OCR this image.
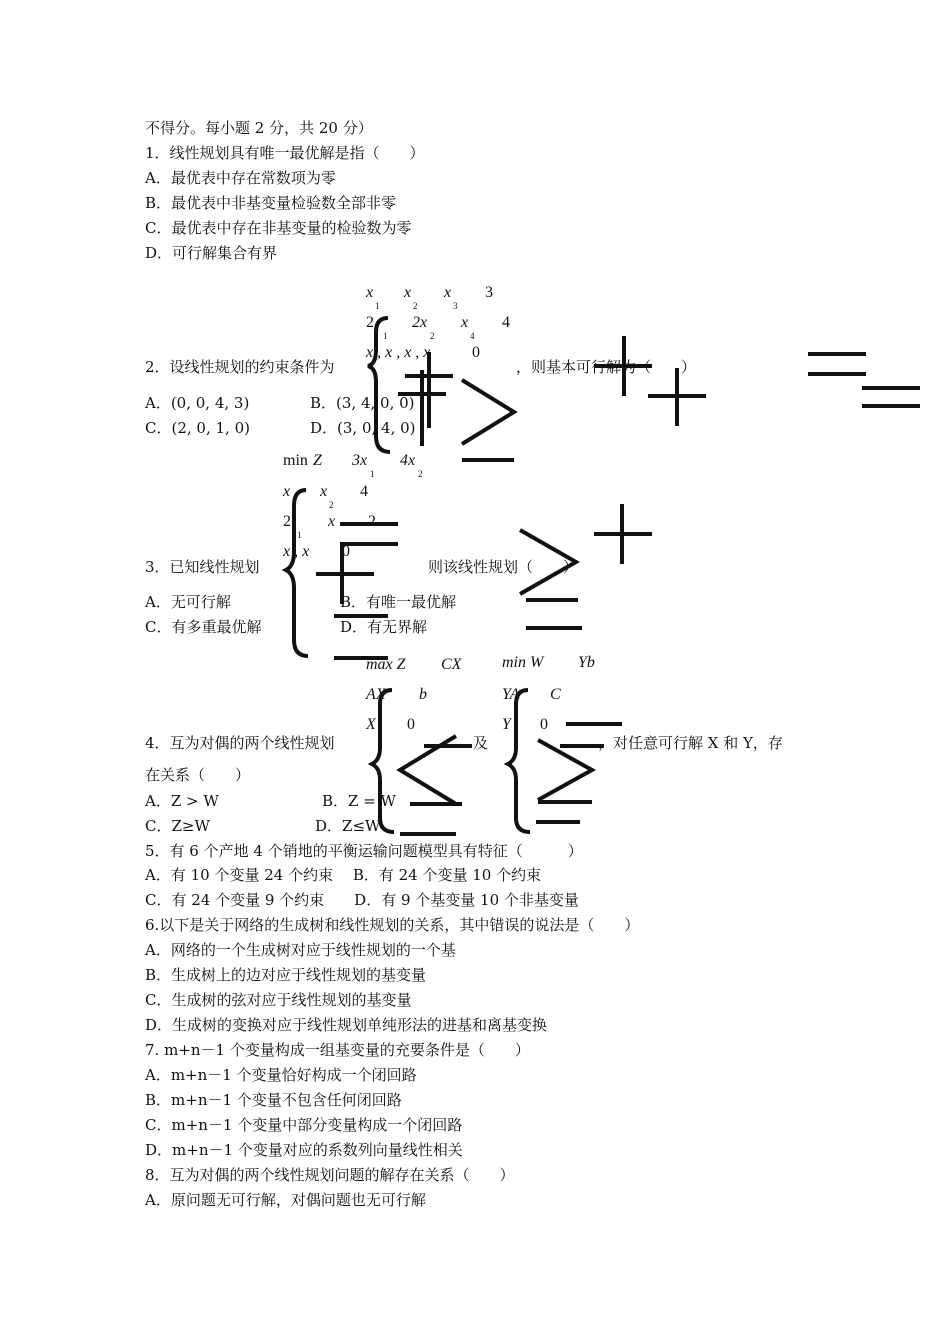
不得分。每小题 2 分，共 20 分）
1．线性规划具有唯一最优解是指（　　）
A．最优表中存在常数项为零
B．最优表中非基变量检验数全部非零
C．最优表中存在非基变量的检验数为零
D．可行解集合有界
x
1
x
2
x
3
3
2
1
2x
2
x
4
4
x , x , x , x	0
2．设线性规划的约束条件为	，则基本可行解为（　　）
A．(0, 0, 4, 3)	B．(3, 4, 0, 0)
C．(2, 0, 1, 0)	D．(3, 0, 4, 0)
min Z 3x
1
4x
2
x x
2
4
2
1
x 2
x , x 0
3．已知线性规划	则该线性规划（　　）
A．无可行解	B．有唯一最优解
C．有多重最优解	D．有无界解
max Z CX
AX b
X 0
min W Yb
YA C
Y 0
4．互为对偶的两个线性规划	及	，对任意可行解 X 和 Y，存
在关系（　　）
A．Z > W	B．Z = W
C．Z≥W	D．Z≤W
5．有 6 个产地 4 个销地的平衡运输问题模型具有特征（　　　）
A．有 10 个变量 24 个约束　 B．有 24 个变量 10 个约束
C．有 24 个变量 9 个约束　　D．有 9 个基变量 10 个非基变量
6.以下是关于网络的生成树和线性规划的关系，其中错误的说法是（　　）
A．网络的一个生成树对应于线性规划的一个基
B．生成树上的边对应于线性规划的基变量
C．生成树的弦对应于线性规划的基变量
D．生成树的变换对应于线性规划单纯形法的进基和离基变换
7. m+n－1 个变量构成一组基变量的充要条件是（　　）
A．m+n－1 个变量恰好构成一个闭回路
B．m+n－1 个变量不包含任何闭回路
C．m+n－1 个变量中部分变量构成一个闭回路
D．m+n－1 个变量对应的系数列向量线性相关
8．互为对偶的两个线性规划问题的解存在关系（　　）
A．原问题无可行解，对偶问题也无可行解
